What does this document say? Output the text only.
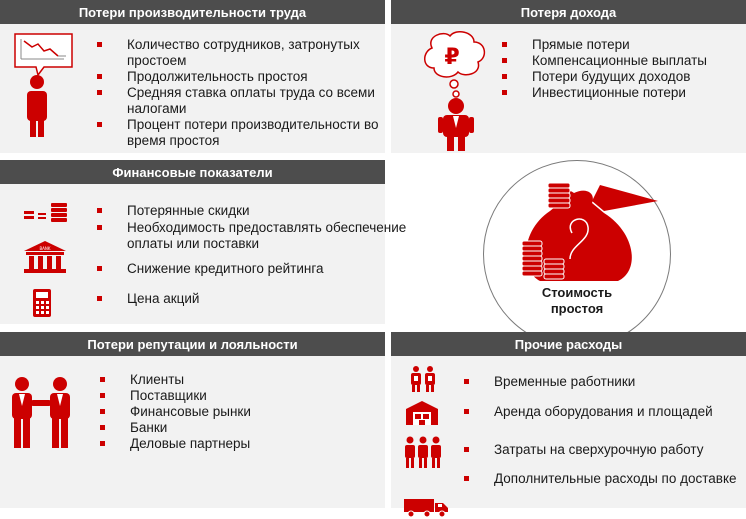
Потери производительности труда
Количество сотрудников, затронутых простоем
Продолжительность простоя
Средняя ставка оплаты труда со всеми налогами
Процент потери производительности во время простоя
Потеря дохода
₽
Прямые потери
Компенсационные выплаты
Потери будущих доходов
Инвестиционные потери
Финансовые показатели
BANK
Потерянные скидки
Необходимость предоставлять обеспечение оплаты или поставки
Снижение кредитного рейтинга
Цена акций	Стоимость
простоя
Потери репутации и лояльности
Клиенты
Поставщики
Финансовые рынки
Банки
Деловые партнеры
Прочие расходы
Временные работники
Аренда оборудования и площадей
Затраты на сверхурочную работу
Дополнительные расходы по доставке
